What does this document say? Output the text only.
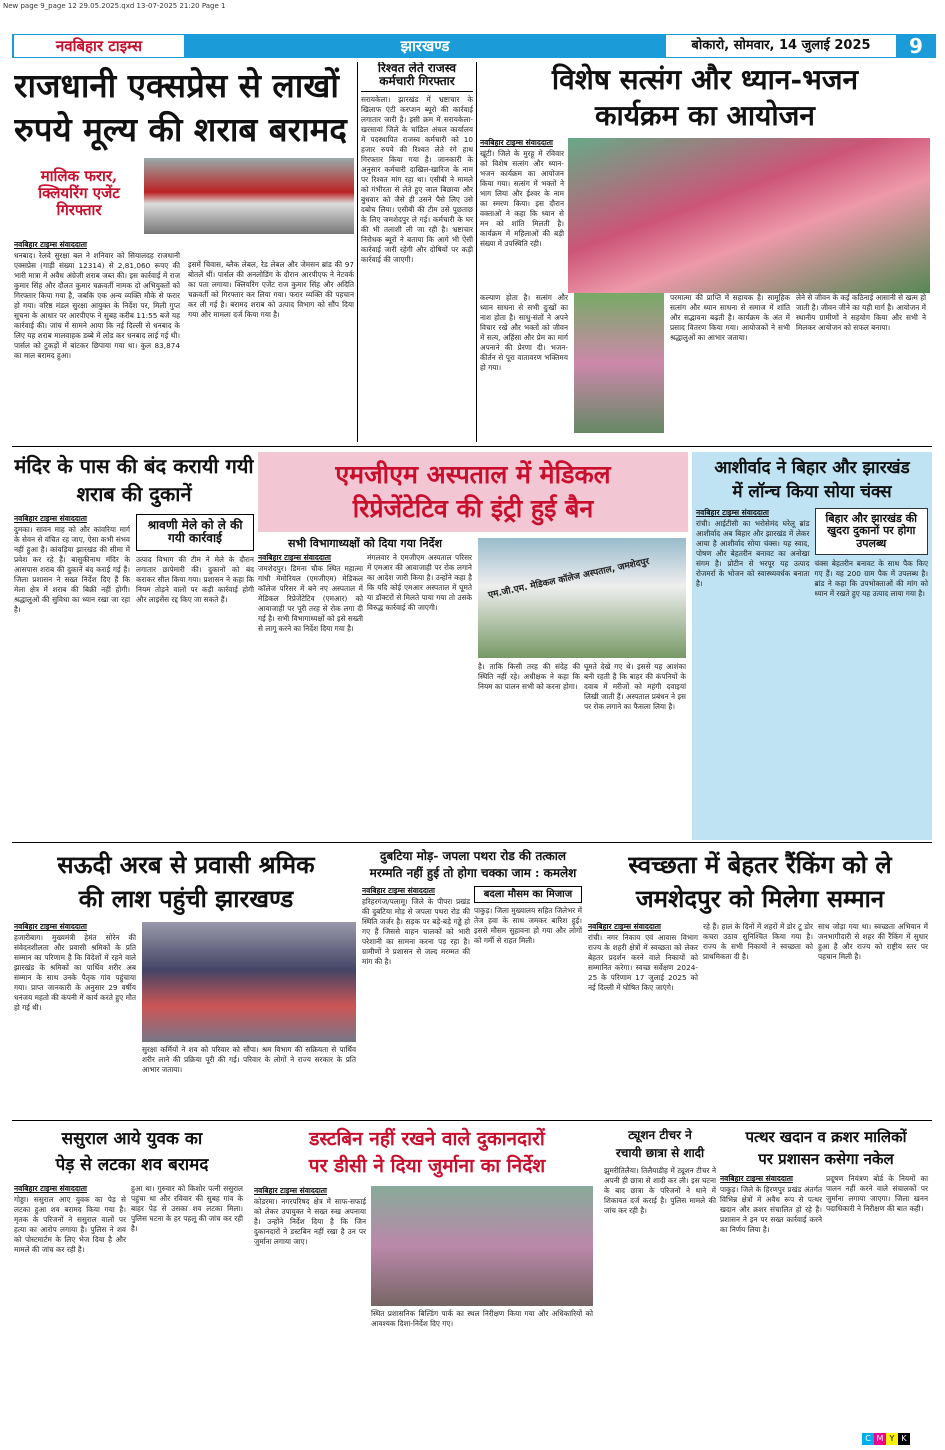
New page 9_page 12 29.05.2025.qxd 13-07-2025 21:20 Page 1
नवबिहार टाइम्स	झारखण्ड	बोकारो, सोमवार, 14 जुलाई 2025	9
राजधानी एक्सप्रेस से लाखों
रुपये मूल्य की शराब बरामद
मालिक फरार, क्लियरिंग एजेंट गिरफ्तार
नवबिहार टाइम्स संवाददाता
धनबाद। रेलवे सुरक्षा बल ने शनिवार को सियालदह राजधानी एक्सप्रेस (गाड़ी संख्या 12314) से 2,81,060 रूपए की भारी मात्रा में अवैध अंग्रेजी शराब जब्त की। इस कार्रवाई में राज कुमार सिंह और दौलत कुमार चक्रवर्ती नामक दो अभियुक्तों को गिरफ्तार किया गया है, जबकि एक अन्य व्यक्ति मौके से फरार हो गया। वरिष्ठ मंडल सुरक्षा आयुक्त के निर्देश पर, मिली गुप्त सूचना के आधार पर आरपीएफ ने सुबह करीब 11:55 बजे यह कार्रवाई की। जांच में सामने आया कि नई दिल्ली से धनबाद के लिए यह शराब मालवाहक डब्बे में लोड कर धनबाद लाई गई थी। पार्सल को टुकड़ों में बांटकर छिपाया गया था। कुल 83,874 का माल बरामद हुआ।
इसमें चिवास, ब्लैक लेबल, रेड लेबल और जेमसन ब्रांड की 97 बोतलें थीं। पार्सल की अनलोडिंग के दौरान आरपीएफ ने नेटवर्क का पता लगाया। क्लियरिंग एजेंट राज कुमार सिंह और अदिति चक्रवर्ती को गिरफ्तार कर लिया गया। फरार व्यक्ति की पहचान कर ली गई है। बरामद शराब को उत्पाद विभाग को सौंप दिया गया और मामला दर्ज किया गया है।
रिश्वत लेते राजस्व कर्मचारी गिरफ्तार
सरायकेला। झारखंड में भ्रष्टाचार के खिलाफ एंटी करप्शन ब्यूरो की कार्रवाई लगातार जारी है। इसी क्रम में सरायकेला-खरसावां जिले के चांडिल अंचल कार्यालय में पदस्थापित राजस्व कर्मचारी को 10 हजार रुपये की रिश्वत लेते रंगे हाथ गिरफ्तार किया गया है। जानकारी के अनुसार कर्मचारी दाखिल-खारिज के नाम पर रिश्वत मांग रहा था। एसीबी ने मामले को गंभीरता से लेते हुए जाल बिछाया और बुधवार को जैसे ही उसने पैसे लिए उसे दबोच लिया। एसीबी की टीम उसे पूछताछ के लिए जमशेदपुर ले गई। कर्मचारी के घर की भी तलाशी ली जा रही है। भ्रष्टाचार निरोधक ब्यूरो ने बताया कि आगे भी ऐसी कार्रवाई जारी रहेगी और दोषियों पर कड़ी कार्रवाई की जाएगी।
विशेष सत्संग और ध्यान-भजन
कार्यक्रम का आयोजन
नवबिहार टाइम्स संवाददाता
खूंटी। जिले के मुरहू में रविवार को विशेष सत्संग और ध्यान-भजन कार्यक्रम का आयोजन किया गया। सत्संग में भक्तों ने भाग लिया और ईश्वर के नाम का स्मरण किया। इस दौरान वक्ताओं ने कहा कि ध्यान से मन को शांति मिलती है। कार्यक्रम में महिलाओं की बड़ी संख्या में उपस्थिति रही।
कल्याण होता है। सत्संग और ध्यान साधना से सभी दुःखों का नाश होता है। साधु-संतों ने अपने विचार रखे और भक्तों को जीवन में सत्य, अहिंसा और प्रेम का मार्ग अपनाने की प्रेरणा दी। भजन-कीर्तन से पूरा वातावरण भक्तिमय हो गया।
परमात्मा की प्राप्ति में सहायक है। सामूहिक सत्संग और ध्यान साधना से समाज में शांति और सद्भावना बढ़ती है। कार्यक्रम के अंत में प्रसाद वितरण किया गया। आयोजकों ने सभी श्रद्धालुओं का आभार जताया।
लेने से जीवन के कई कठिनाई आसानी से खत्म हो जाती है। जीवन जीने का यही मार्ग है। आयोजन में स्थानीय ग्रामीणों ने सहयोग किया और सभी ने मिलकर आयोजन को सफल बनाया।
मंदिर के पास की बंद करायी गयी शराब की दुकानें
नवबिहार टाइम्स संवाददाता
दुमका। सावन माह को और कांवरिया मार्ग के सेवन से वंचित रह जाए, ऐसा कभी संभव नहीं हुआ है। कांवड़िया झारखंड की सीमा में प्रवेश कर रहे हैं। बासुकीनाथ मंदिर के आसपास शराब की दुकानें बंद कराई गई हैं। जिला प्रशासन ने सख्त निर्देश दिए हैं कि मेला क्षेत्र में शराब की बिक्री नहीं होगी। श्रद्धालुओं की सुविधा का ध्यान रखा जा रहा है।
श्रावणी मेले को ले की गयी कार्रवाई
उत्पाद विभाग की टीम ने मेले के दौरान लगातार छापेमारी की। दुकानों को बंद कराकर सील किया गया। प्रशासन ने कहा कि नियम तोड़ने वालों पर कड़ी कार्रवाई होगी और लाइसेंस रद्द किए जा सकते हैं।
एमजीएम अस्पताल में मेडिकल
रिप्रेजेंटेटिव की इंट्री हुई बैन
सभी विभागाध्यक्षों को दिया गया निर्देश
नवबिहार टाइम्स संवाददाता
जमशेदपुर। डिमना चौक स्थित महात्मा गांधी मेमोरियल (एमजीएम) मेडिकल कॉलेज परिसर में बने नए अस्पताल में मेडिकल रिप्रेजेंटेटिव (एमआर) को आवाजाही पर पूरी तरह से रोक लगा दी गई है। सभी विभागाध्यक्षों को इसे सख्ती से लागू करने का निर्देश दिया गया है।
मंगलवार ने एमजीएम अस्पताल परिसर में एमआर की आवाजाही पर रोक लगाने का आदेश जारी किया है। उन्होंने कहा है कि यदि कोई एमआर अस्पताल में घूमते या डॉक्टरों से मिलते पाया गया तो उसके विरुद्ध कार्रवाई की जाएगी।
एम.जी.एम. मेडिकल कॉलेज अस्पताल, जमशेदपुर
है। ताकि किसी तरह की संदेह की स्थिति नहीं रहे। अधीक्षक ने कहा कि नियम का पालन सभी को करना होगा।
घूमते देखे गए थे। इससे यह आशंका बनी रहती है कि बाहर की कंपनियों के दवाब में मरीजों को महंगी दवाइयां लिखी जाती हैं। अस्पताल प्रबंधन ने इस पर रोक लगाने का फैसला लिया है।
आशीर्वाद ने बिहार और झारखंड
में लॉन्च किया सोया चंक्स
नवबिहार टाइम्स संवाददाता
रांची। आईटीसी का भरोसेमंद घरेलू ब्रांड आशीर्वाद अब बिहार और झारखंड में लेकर आया है आशीर्वाद सोया चंक्स। यह स्वाद, पोषण और बेहतरीन बनावट का अनोखा संगम है। प्रोटीन से भरपूर यह उत्पाद रोजमर्रा के भोजन को स्वास्थ्यवर्धक बनाता है।
बिहार और झारखंड की खुदरा दुकानों पर होगा उपलब्ध
चंक्स बेहतरीन बनावट के साथ पैक किए गए हैं। यह 200 ग्राम पैक में उपलब्ध है। ब्रांड ने कहा कि उपभोक्ताओं की मांग को ध्यान में रखते हुए यह उत्पाद लाया गया है।
सऊदी अरब से प्रवासी श्रमिक
की लाश पहुंची झारखण्ड
नवबिहार टाइम्स संवाददाता
हजारीबाग। मुख्यमंत्री हेमंत सोरेन की संवेदनशीलता और प्रवासी श्रमिकों के प्रति सम्मान का परिणाम है कि विदेशों में रहने वाले झारखंड के श्रमिकों का पार्थिव शरीर अब सम्मान के साथ उनके पैतृक गांव पहुंचाया गया। प्राप्त जानकारी के अनुसार 29 वर्षीय धनंजय महतो की कंपनी में कार्य करते हुए मौत हो गई थी।
सुरक्षा कर्मियों ने शव को परिवार को सौंपा। श्रम विभाग की सक्रियता से पार्थिव शरीर लाने की प्रक्रिया पूरी की गई। परिवार के लोगों ने राज्य सरकार के प्रति आभार जताया।
दुबटिया मोड़- जपला पथरा रोड की तत्काल
मरम्मति नहीं हुई तो होगा चक्का जाम : कमलेश
नवबिहार टाइम्स संवाददाता
हरिहरगंज/पलामू। जिले के पीपरा प्रखंड की दुबटिया मोड़ से जपला पथरा रोड की स्थिति जर्जर है। सड़क पर बड़े-बड़े गड्ढे हो गए हैं जिससे वाहन चालकों को भारी परेशानी का सामना करना पड़ रहा है। ग्रामीणों ने प्रशासन से जल्द मरम्मत की मांग की है।
बदला मौसम का मिजाज
पाकुड़। जिला मुख्यालय सहित जिलेभर में तेज हवा के साथ जमकर बारिश हुई। इससे मौसम सुहावना हो गया और लोगों को गर्मी से राहत मिली।
स्वच्छता में बेहतर रैंकिंग को ले
जमशेदपुर को मिलेगा सम्मान
नवबिहार टाइम्स संवाददाता
रांची। नगर निकाय एवं आवास विभाग राज्य के शहरी क्षेत्रों में स्वच्छता को लेकर बेहतर प्रदर्शन करने वाले निकायों को सम्मानित करेगा। स्वच्छ सर्वेक्षण 2024-25 के परिणाम 17 जुलाई 2025 को नई दिल्ली में घोषित किए जाएंगे।
रहे हैं। हाल के दिनों में शहरों में डोर टू डोर कचरा उठाव सुनिश्चित किया गया है। राज्य के सभी निकायों ने स्वच्छता को प्राथमिकता दी है।
साथ जोड़ा गया था। स्वच्छता अभियान में जनभागीदारी से शहर की रैंकिंग में सुधार हुआ है और राज्य को राष्ट्रीय स्तर पर पहचान मिली है।
ससुराल आये युवक का
पेड़ से लटका शव बरामद
नवबिहार टाइम्स संवाददाता
गोड्डा। ससुराल आए युवक का पेड़ से लटका हुआ शव बरामद किया गया है। मृतक के परिजनों ने ससुराल वालों पर हत्या का आरोप लगाया है। पुलिस ने शव को पोस्टमार्टम के लिए भेज दिया है और मामले की जांच कर रही है।
हुआ था। गुरुवार को किशोर पत्नी ससुराल पहुंचा था और रविवार की सुबह गांव के बाहर पेड़ से उसका शव लटका मिला। पुलिस घटना के हर पहलू की जांच कर रही है।
डस्टबिन नहीं रखने वाले दुकानदारों
पर डीसी ने दिया जुर्माना का निर्देश
नवबिहार टाइम्स संवाददाता
कोडरमा। नगरपरिषद क्षेत्र में साफ-सफाई को लेकर उपायुक्त ने सख्त रुख अपनाया है। उन्होंने निर्देश दिया है कि जिन दुकानदारों ने डस्टबिन नहीं रखा है उन पर जुर्माना लगाया जाए।
स्थित प्रशासनिक बिल्डिंग पार्क का स्थल निरीक्षण किया गया और अधिकारियों को आवश्यक दिशा-निर्देश दिए गए।
ट्यूशन टीचर ने
रचायी छात्रा से शादी
झुमरीतिलैया। तिलैयाडीह में ट्यूशन टीचर ने अपनी ही छात्रा से शादी कर ली। इस घटना के बाद छात्रा के परिजनों ने थाने में शिकायत दर्ज कराई है। पुलिस मामले की जांच कर रही है।
पत्थर खदान व क्रशर मालिकों
पर प्रशासन कसेगा नकेल
नवबिहार टाइम्स संवाददाता
पाकुड़। जिले के हिरणपुर प्रखंड अंतर्गत विभिन्न क्षेत्रों में अवैध रूप से पत्थर खदान और क्रशर संचालित हो रहे हैं। प्रशासन ने इन पर सख्त कार्रवाई करने का निर्णय लिया है।
प्रदूषण नियंत्रण बोर्ड के नियमों का पालन नहीं करने वाले संचालकों पर जुर्माना लगाया जाएगा। जिला खनन पदाधिकारी ने निरीक्षण की बात कही।
C M Y K
